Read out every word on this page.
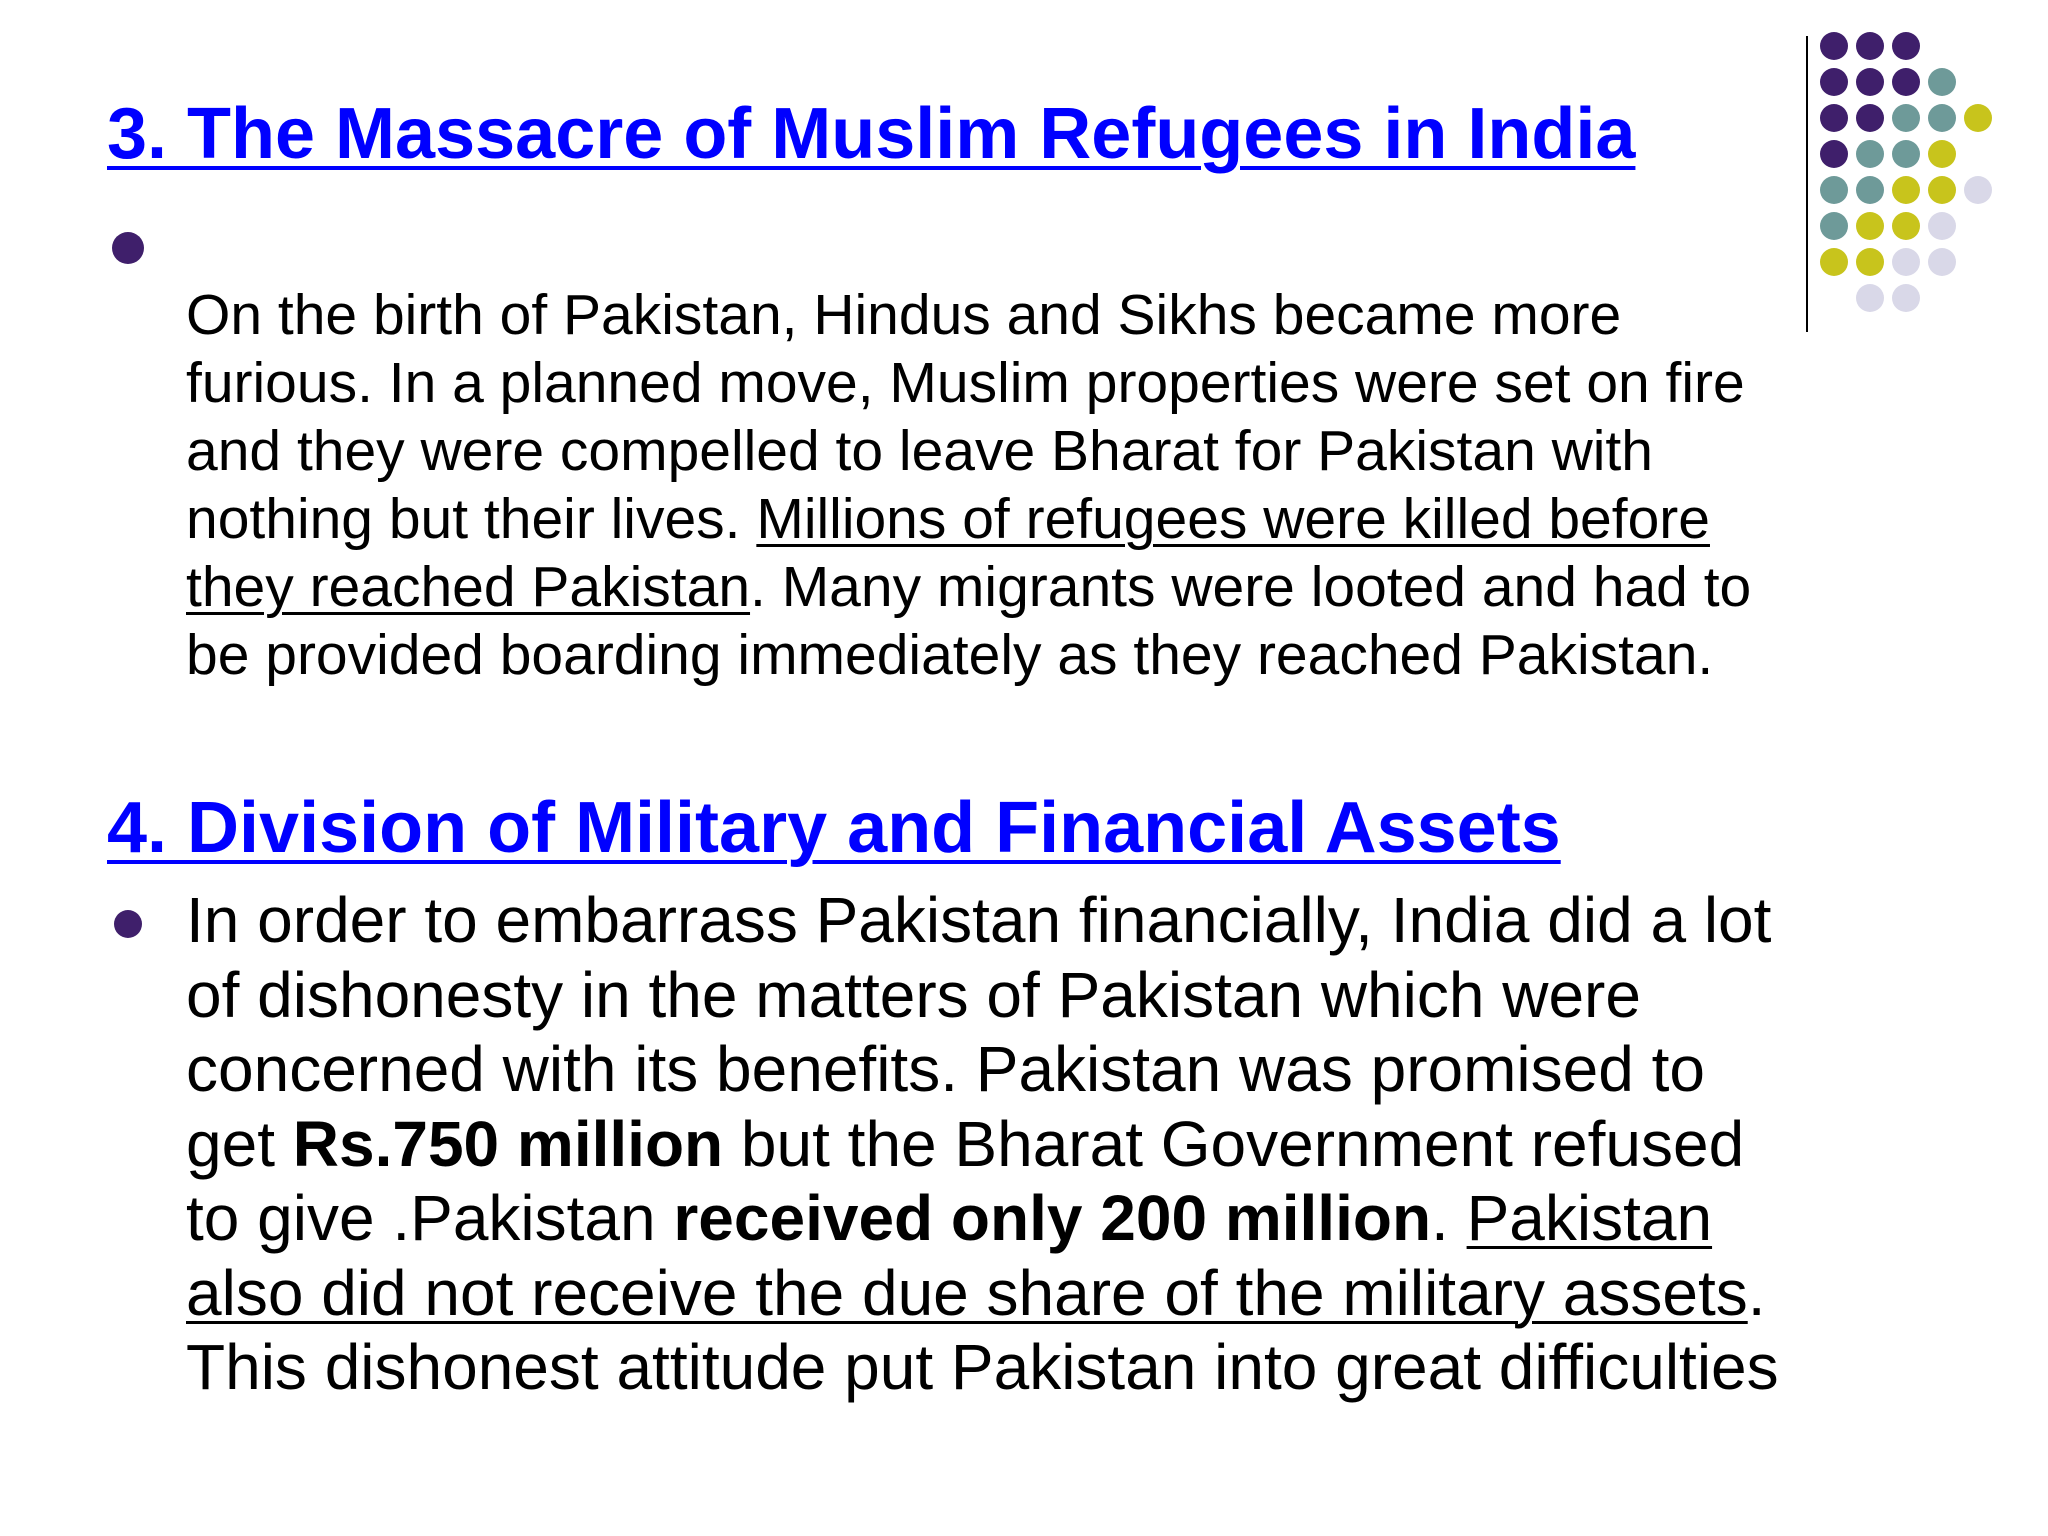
3. The Massacre of Muslim Refugees in India

On the birth of Pakistan, Hindus and Sikhs became more
furious. In a planned move, Muslim properties were set on fire
and they were compelled to leave Bharat for Pakistan with
nothing but their lives. Millions of refugees were killed before
they reached Pakistan. Many migrants were looted and had to
be provided boarding immediately as they reached Pakistan.

4. Division of Military and Financial Assets

In order to embarrass Pakistan financially, India did a lot
of dishonesty in the matters of Pakistan which were
concerned with its benefits. Pakistan was promised to
get Rs.750 million but the Bharat Government refused
to give .Pakistan received only 200 million. Pakistan
also did not receive the due share of the military assets.
This dishonest attitude put Pakistan into great difficulties
